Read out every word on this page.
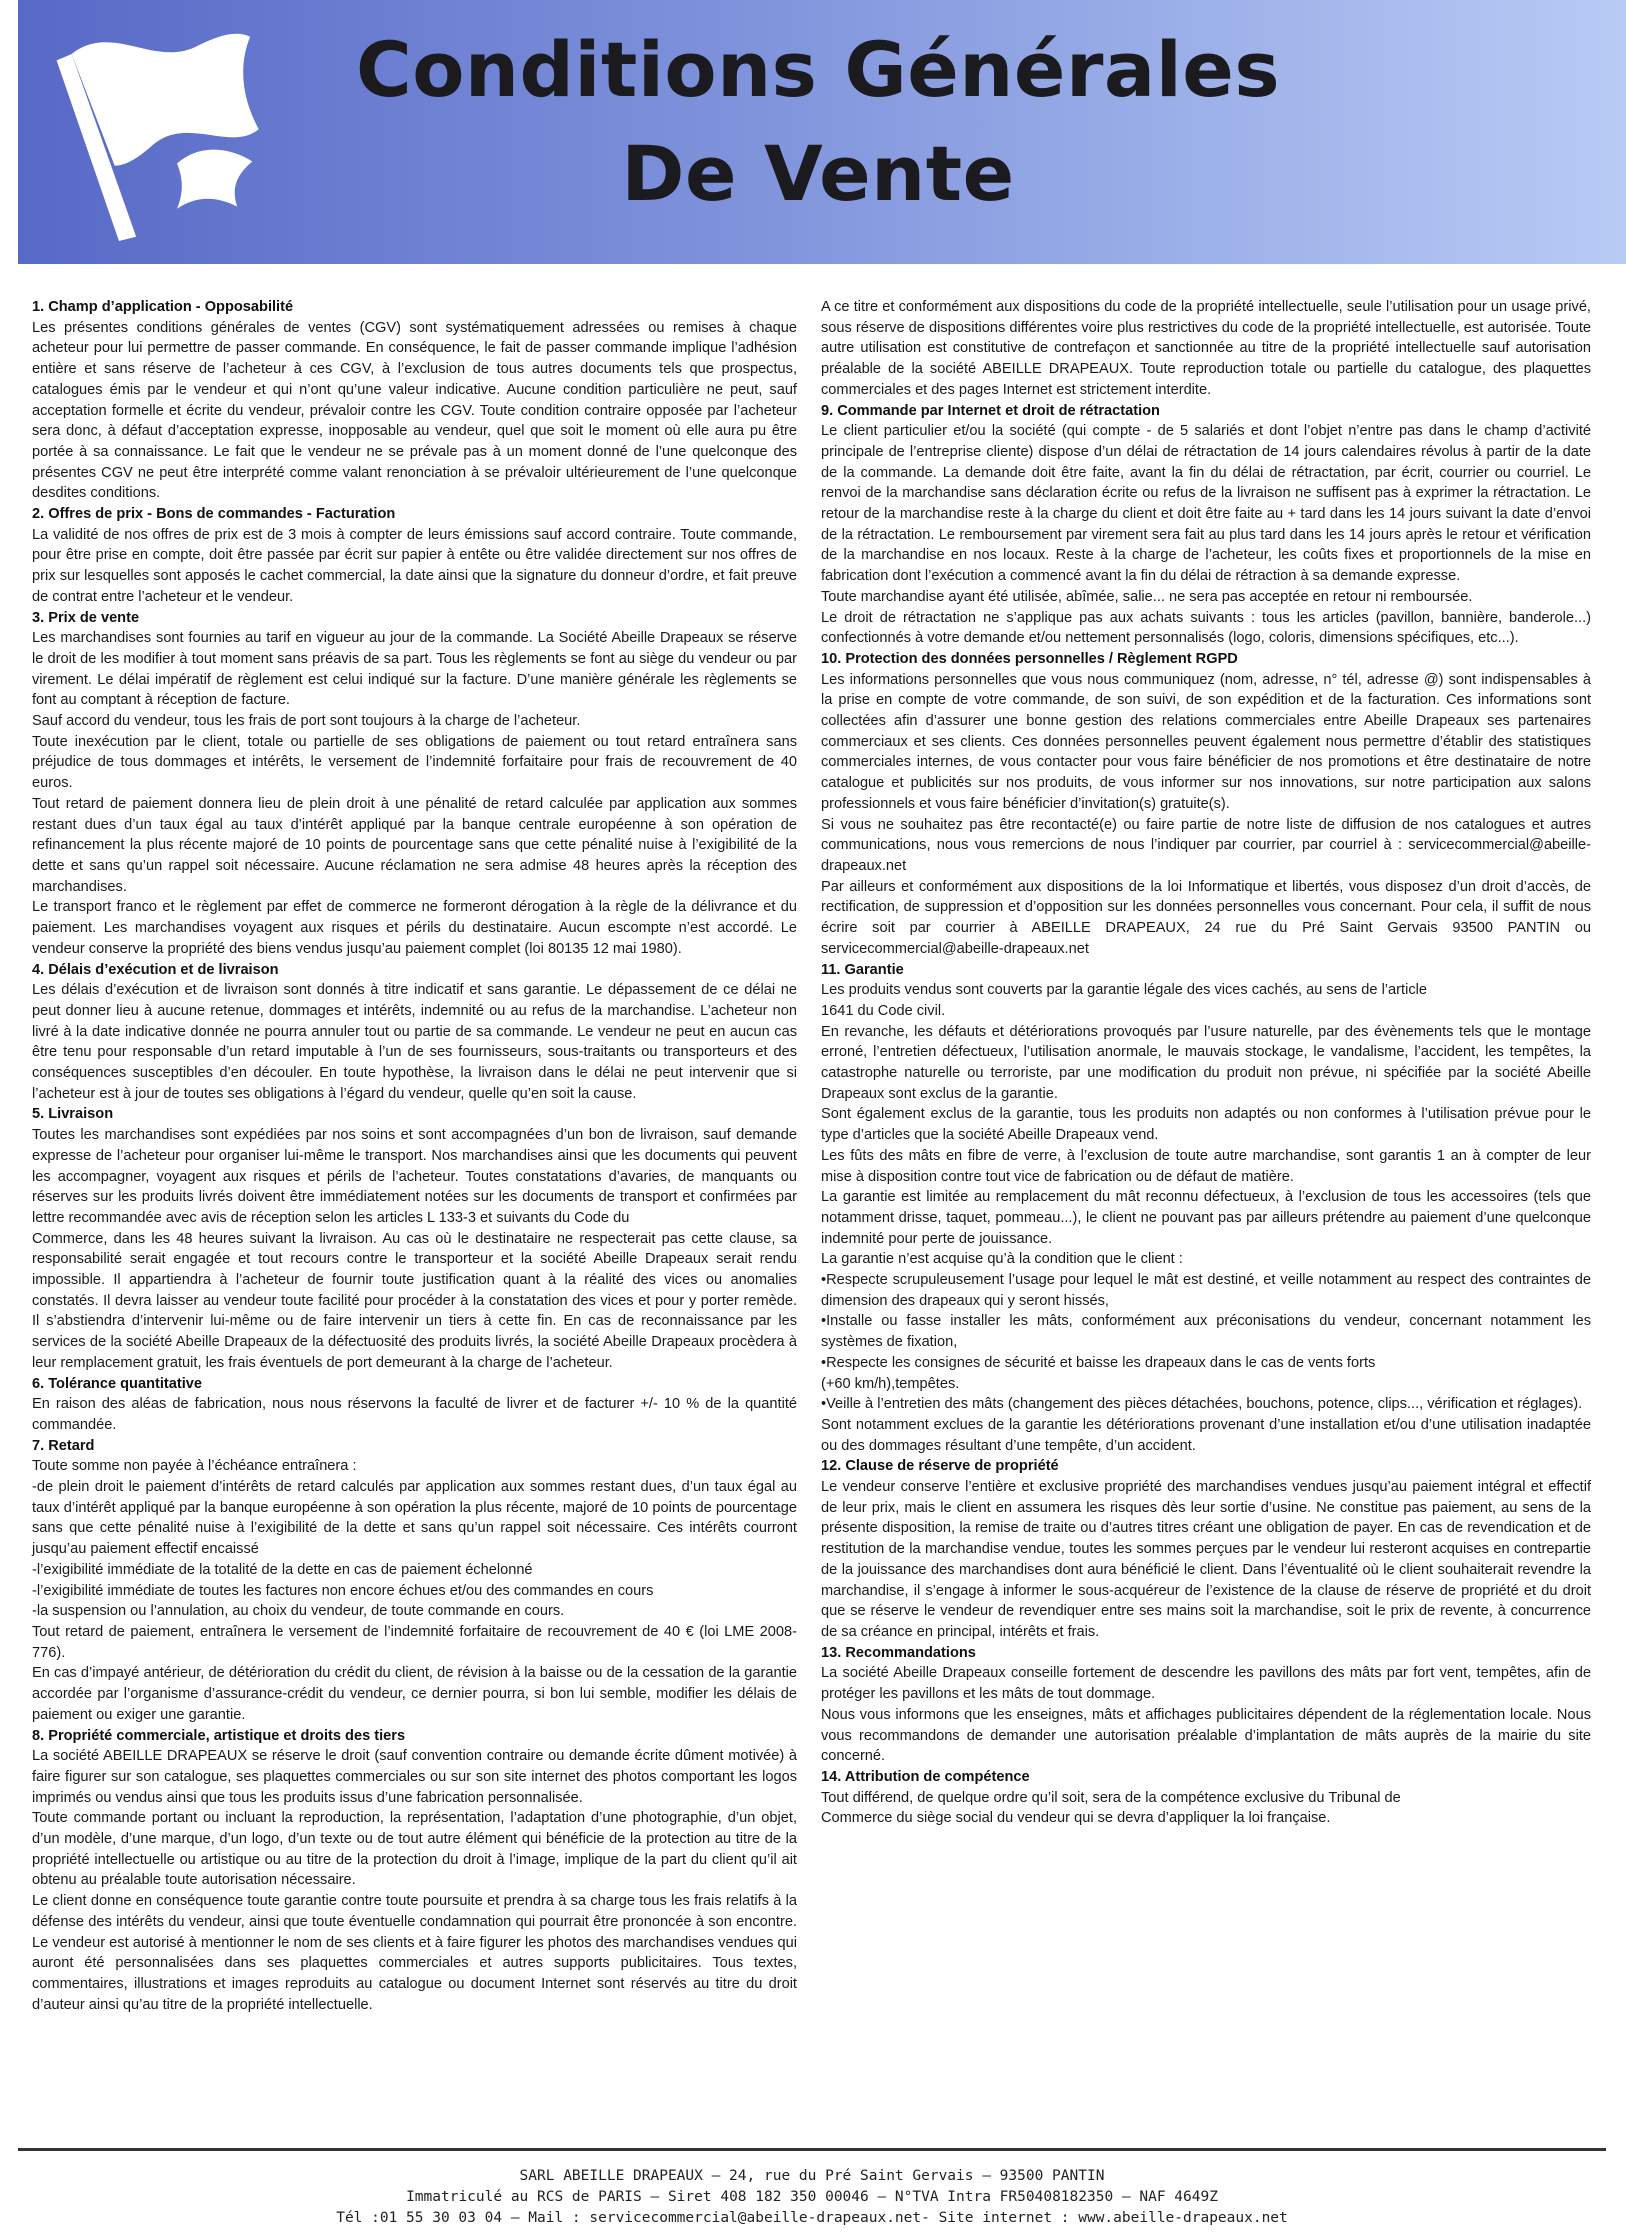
Conditions Générales
De Vente
1. Champ d’application - Opposabilité

Les présentes conditions générales de ventes (CGV) sont systématiquement adressées ou remises à chaque acheteur pour lui permettre de passer commande. En conséquence, le fait de passer commande implique l’adhésion entière et sans réserve de l’acheteur à ces CGV, à l’exclusion de tous autres documents tels que prospectus, catalogues émis par le vendeur et qui n’ont qu’une valeur indicative. Aucune condition particulière ne peut, sauf acceptation formelle et écrite du vendeur, prévaloir contre les CGV. Toute condition contraire opposée par l’acheteur sera donc, à défaut d’acceptation expresse, inopposable au vendeur, quel que soit le moment où elle aura pu être portée à sa connaissance. Le fait que le vendeur ne se prévale pas à un moment donné de l’une quelconque des présentes CGV ne peut être interprété comme valant renonciation à se prévaloir ultérieurement de l’une quelconque desdites conditions.

2. Offres de prix - Bons de commandes - Facturation

La validité de nos offres de prix est de 3 mois à compter de leurs émissions sauf accord contraire. Toute commande, pour être prise en compte, doit être passée par écrit sur papier à entête ou être validée directement sur nos offres de prix sur lesquelles sont apposés le cachet commercial, la date ainsi que la signature du donneur d’ordre, et fait preuve de contrat entre l’acheteur et le vendeur.

3. Prix de vente

Les marchandises sont fournies au tarif en vigueur au jour de la commande. La Société Abeille Drapeaux se réserve le droit de les modifier à tout moment sans préavis de sa part. Tous les règlements se font au siège du vendeur ou par virement. Le délai impératif de règlement est celui indiqué sur la facture. D’une manière générale les règlements se font au comptant à réception de facture.

Sauf accord du vendeur, tous les frais de port sont toujours à la charge de l’acheteur.

Toute inexécution par le client, totale ou partielle de ses obligations de paiement ou tout retard entraînera sans préjudice de tous dommages et intérêts, le versement de l’indemnité forfaitaire pour frais de recouvrement de 40 euros.

Tout retard de paiement donnera lieu de plein droit à une pénalité de retard calculée par application aux sommes restant dues d’un taux égal au taux d’intérêt appliqué par la banque centrale européenne à son opération de refinancement la plus récente majoré de 10 points de pourcentage sans que cette pénalité nuise à l’exigibilité de la dette et sans qu’un rappel soit nécessaire. Aucune réclamation ne sera admise 48 heures après la réception des marchandises.

Le transport franco et le règlement par effet de commerce ne formeront dérogation à la règle de la délivrance et du paiement. Les marchandises voyagent aux risques et périls du destinataire. Aucun escompte n’est accordé. Le vendeur conserve la propriété des biens vendus jusqu’au paiement complet (loi 80135 12 mai 1980).

4. Délais d’exécution et de livraison

Les délais d’exécution et de livraison sont donnés à titre indicatif et sans garantie. Le dépassement de ce délai ne peut donner lieu à aucune retenue, dommages et intérêts, indemnité ou au refus de la marchandise. L’acheteur non livré à la date indicative donnée ne pourra annuler tout ou partie de sa commande. Le vendeur ne peut en aucun cas être tenu pour responsable d’un retard imputable à l’un de ses fournisseurs, sous-traitants ou transporteurs et des conséquences susceptibles d’en découler. En toute hypothèse, la livraison dans le délai ne peut intervenir que si l’acheteur est à jour de toutes ses obligations à l’égard du vendeur, quelle qu’en soit la cause.

5. Livraison

Toutes les marchandises sont expédiées par nos soins et sont accompagnées d’un bon de livraison, sauf demande expresse de l’acheteur pour organiser lui-même le transport. Nos marchandises ainsi que les documents qui peuvent les accompagner, voyagent aux risques et périls de l’acheteur. Toutes constatations d’avaries, de manquants ou réserves sur les produits livrés doivent être immédiatement notées sur les documents de transport et confirmées par lettre recommandée avec avis de réception selon les articles L 133-3 et suivants du Code du

Commerce, dans les 48 heures suivant la livraison. Au cas où le destinataire ne respecterait pas cette clause, sa responsabilité serait engagée et tout recours contre le transporteur et la société Abeille Drapeaux serait rendu impossible. Il appartiendra à l’acheteur de fournir toute justification quant à la réalité des vices ou anomalies constatés. Il devra laisser au vendeur toute facilité pour procéder à la constatation des vices et pour y porter remède. Il s’abstiendra d’intervenir lui-même ou de faire intervenir un tiers à cette fin. En cas de reconnaissance par les services de la société Abeille Drapeaux de la défectuosité des produits livrés, la société Abeille Drapeaux procèdera à leur remplacement gratuit, les frais éventuels de port demeurant à la charge de l’acheteur.

6. Tolérance quantitative

En raison des aléas de fabrication, nous nous réservons la faculté de livrer et de facturer +/- 10 % de la quantité commandée.

7. Retard

Toute somme non payée à l’échéance entraînera :

-de plein droit le paiement d’intérêts de retard calculés par application aux sommes restant dues, d’un taux égal au taux d’intérêt appliqué par la banque européenne à son opération la plus récente, majoré de 10 points de pourcentage sans que cette pénalité nuise à l’exigibilité de la dette et sans qu’un rappel soit nécessaire. Ces intérêts courront jusqu’au paiement effectif encaissé

-l’exigibilité immédiate de la totalité de la dette en cas de paiement échelonné

-l’exigibilité immédiate de toutes les factures non encore échues et/ou des commandes en cours

-la suspension ou l’annulation, au choix du vendeur, de toute commande en cours.

Tout retard de paiement, entraînera le versement de l’indemnité forfaitaire de recouvrement de 40 € (loi LME 2008-776).

En cas d’impayé antérieur, de détérioration du crédit du client, de révision à la baisse ou de la cessation de la garantie accordée par l’organisme d’assurance-crédit du vendeur, ce dernier pourra, si bon lui semble, modifier les délais de paiement ou exiger une garantie.

8. Propriété commerciale, artistique et droits des tiers

La société ABEILLE DRAPEAUX se réserve le droit (sauf convention contraire ou demande écrite dûment motivée) à faire figurer sur son catalogue, ses plaquettes commerciales ou sur son site internet des photos comportant les logos imprimés ou vendus ainsi que tous les produits issus d’une fabrication personnalisée.

Toute commande portant ou incluant la reproduction, la représentation, l’adaptation d’une photographie, d’un objet, d’un modèle, d’une marque, d’un logo, d’un texte ou de tout autre élément qui bénéficie de la protection au titre de la propriété intellectuelle ou artistique ou au titre de la protection du droit à l’image, implique de la part du client qu’il ait obtenu au préalable toute autorisation nécessaire.

Le client donne en conséquence toute garantie contre toute poursuite et prendra à sa charge tous les frais relatifs à la défense des intérêts du vendeur, ainsi que toute éventuelle condamnation qui pourrait être prononcée à son encontre. Le vendeur est autorisé à mentionner le nom de ses clients et à faire figurer les photos des marchandises vendues qui auront été personnalisées dans ses plaquettes commerciales et autres supports publicitaires. Tous textes, commentaires, illustrations et images reproduits au catalogue ou document Internet sont réservés au titre du droit d’auteur ainsi qu’au titre de la propriété intellectuelle.

A ce titre et conformément aux dispositions du code de la propriété intellectuelle, seule l’utilisation pour un usage privé, sous réserve de dispositions différentes voire plus restrictives du code de la propriété intellectuelle, est autorisée. Toute autre utilisation est constitutive de contrefaçon et sanctionnée au titre de la propriété intellectuelle sauf autorisation préalable de la société ABEILLE DRAPEAUX. Toute reproduction totale ou partielle du catalogue, des plaquettes commerciales et des pages Internet est strictement interdite.

9. Commande par Internet et droit de rétractation

Le client particulier et/ou la société (qui compte - de 5 salariés et dont l’objet n’entre pas dans le champ d’activité principale de l’entreprise cliente) dispose d’un délai de rétractation de 14 jours calendaires révolus à partir de la date de la commande. La demande doit être faite, avant la fin du délai de rétractation, par écrit, courrier ou courriel. Le renvoi de la marchandise sans déclaration écrite ou refus de la livraison ne suffisent pas à exprimer la rétractation. Le retour de la marchandise reste à la charge du client et doit être faite au + tard dans les 14 jours suivant la date d’envoi de la rétractation. Le remboursement par virement sera fait au plus tard dans les 14 jours après le retour et vérification de la marchandise en nos locaux. Reste à la charge de l’acheteur, les coûts fixes et proportionnels de la mise en fabrication dont l’exécution a commencé avant la fin du délai de rétraction à sa demande expresse.

Toute marchandise ayant été utilisée, abîmée, salie... ne sera pas acceptée en retour ni remboursée.

Le droit de rétractation ne s’applique pas aux achats suivants : tous les articles (pavillon, bannière, banderole...) confectionnés à votre demande et/ou nettement personnalisés (logo, coloris, dimensions spécifiques, etc...).

10. Protection des données personnelles / Règlement RGPD

Les informations personnelles que vous nous communiquez (nom, adresse, n° tél, adresse @) sont indispensables à la prise en compte de votre commande, de son suivi, de son expédition et de la facturation. Ces informations sont collectées afin d’assurer une bonne gestion des relations commerciales entre Abeille Drapeaux ses partenaires commerciaux et ses clients. Ces données personnelles peuvent également nous permettre d’établir des statistiques commerciales internes, de vous contacter pour vous faire bénéficier de nos promotions et être destinataire de notre catalogue et publicités sur nos produits, de vous informer sur nos innovations, sur notre participation aux salons professionnels et vous faire bénéficier d’invitation(s) gratuite(s).

Si vous ne souhaitez pas être recontacté(e) ou faire partie de notre liste de diffusion de nos catalogues et autres communications, nous vous remercions de nous l’indiquer par courrier, par courriel à : servicecommercial@abeille-drapeaux.net

Par ailleurs et conformément aux dispositions de la loi Informatique et libertés, vous disposez d’un droit d’accès, de rectification, de suppression et d’opposition sur les données personnelles vous concernant. Pour cela, il suffit de nous écrire soit par courrier à ABEILLE DRAPEAUX, 24 rue du Pré Saint Gervais 93500 PANTIN ou servicecommercial@abeille-drapeaux.net

11. Garantie

Les produits vendus sont couverts par la garantie légale des vices cachés, au sens de l’article

1641 du Code civil.

En revanche, les défauts et détériorations provoqués par l’usure naturelle, par des évènements tels que le montage erroné, l’entretien défectueux, l’utilisation anormale, le mauvais stockage, le vandalisme, l’accident, les tempêtes, la catastrophe naturelle ou terroriste, par une modification du produit non prévue, ni spécifiée par la société Abeille Drapeaux sont exclus de la garantie.

Sont également exclus de la garantie, tous les produits non adaptés ou non conformes à l’utilisation prévue pour le type d’articles que la société Abeille Drapeaux vend.

Les fûts des mâts en fibre de verre, à l’exclusion de toute autre marchandise, sont garantis 1 an à compter de leur mise à disposition contre tout vice de fabrication ou de défaut de matière.

La garantie est limitée au remplacement du mât reconnu défectueux, à l’exclusion de tous les accessoires (tels que notamment drisse, taquet, pommeau...), le client ne pouvant pas par ailleurs prétendre au paiement d’une quelconque indemnité pour perte de jouissance.

La garantie n’est acquise qu’à la condition que le client :

•Respecte scrupuleusement l’usage pour lequel le mât est destiné, et veille notamment au respect des contraintes de dimension des drapeaux qui y seront hissés,

•Installe ou fasse installer les mâts, conformément aux préconisations du vendeur, concernant notamment les systèmes de fixation,

•Respecte les consignes de sécurité et baisse les drapeaux dans le cas de vents forts

(+60 km/h),tempêtes.

•Veille à l’entretien des mâts (changement des pièces détachées, bouchons, potence, clips..., vérification et réglages).

Sont notamment exclues de la garantie les détériorations provenant d’une installation et/ou d’une utilisation inadaptée ou des dommages résultant d’une tempête, d’un accident.

12. Clause de réserve de propriété

Le vendeur conserve l’entière et exclusive propriété des marchandises vendues jusqu’au paiement intégral et effectif de leur prix, mais le client en assumera les risques dès leur sortie d’usine. Ne constitue pas paiement, au sens de la présente disposition, la remise de traite ou d’autres titres créant une obligation de payer. En cas de revendication et de restitution de la marchandise vendue, toutes les sommes perçues par le vendeur lui resteront acquises en contrepartie de la jouissance des marchandises dont aura bénéficié le client. Dans l’éventualité où le client souhaiterait revendre la marchandise, il s’engage à informer le sous-acquéreur de l’existence de la clause de réserve de propriété et du droit que se réserve le vendeur de revendiquer entre ses mains soit la marchandise, soit le prix de revente, à concurrence de sa créance en principal, intérêts et frais.

13. Recommandations

La société Abeille Drapeaux conseille fortement de descendre les pavillons des mâts par fort vent, tempêtes, afin de protéger les pavillons et les mâts de tout dommage.

Nous vous informons que les enseignes, mâts et affichages publicitaires dépendent de la réglementation locale. Nous vous recommandons de demander une autorisation préalable d’implantation de mâts auprès de la mairie du site concerné.

14. Attribution de compétence

Tout différend, de quelque ordre qu’il soit, sera de la compétence exclusive du Tribunal de

Commerce du siège social du vendeur qui se devra d’appliquer la loi française.

SARL ABEILLE DRAPEAUX – 24, rue du Pré Saint Gervais – 93500 PANTIN
Immatriculé au RCS de PARIS – Siret 408 182 350 00046 – N°TVA Intra FR50408182350 – NAF 4649Z
Tél :01 55 30 03 04 – Mail : servicecommercial@abeille-drapeaux.net- Site internet : www.abeille-drapeaux.net
